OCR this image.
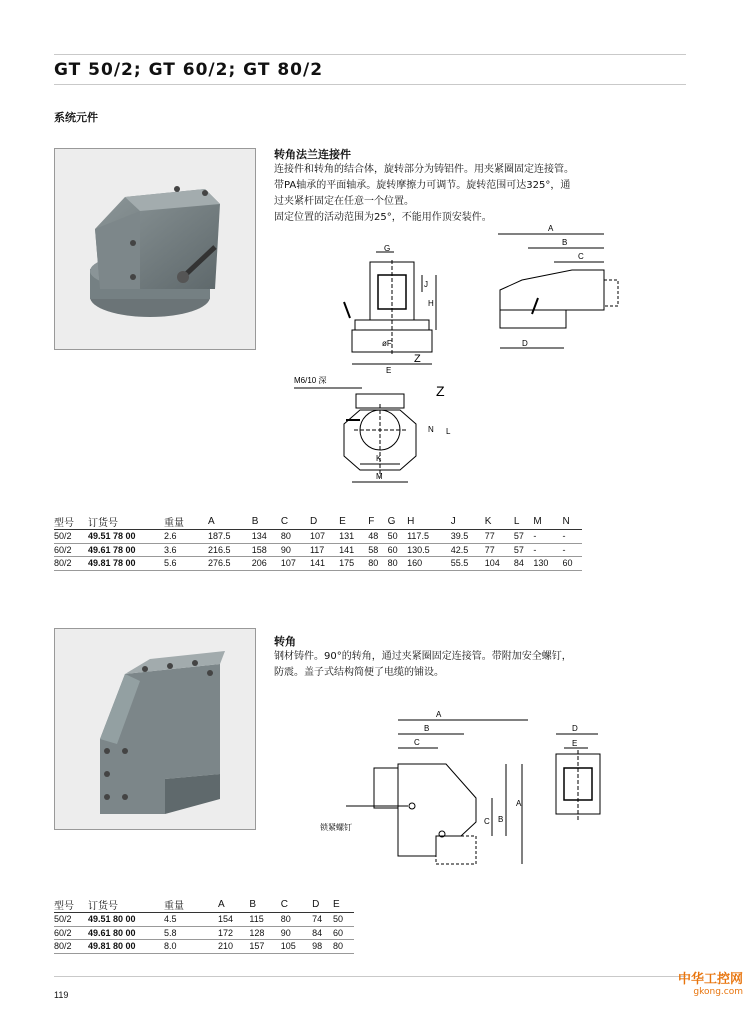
GT 50/2; GT 60/2; GT 80/2
系统元件
转角法兰连接件

连接件和转角的结合体，旋转部分为铸铝件。用夹紧圈固定连接管。

带PA轴承的平面轴承。旋转摩擦力可调节。旋转范围可达325°，通

过夹紧杆固定在任意一个位置。

固定位置的活动范围为25°，不能用作顶安装件。

G
J
H
øF
E
Z
A
B
C
D
M6/10 深
Z
N L
K
M
型号	订货号	重量	A	B	C	D	E	F	G	H	J	K	L	M	N
50/2	49.51 78 00	2.6	187.5	134	80	107	131	48	50	117.5	39.5	77	57	-	-
60/2	49.61 78 00	3.6	216.5	158	90	117	141	58	60	130.5	42.5	77	57	-	-
80/2	49.81 78 00	5.6	276.5	206	107	141	175	80	80	160	55.5	104	84	130	60
转角

钢材铸件。90°的转角，通过夹紧圈固定连接管。带附加安全螺钉，

防震。盖子式结构简便了电缆的铺设。

A
B
C
B
A
C
锁紧螺钉
D
E
型号	订货号	重量	A	B	C	D	E
50/2	49.51 80 00	4.5	154	115	80	74	50
60/2	49.61 80 00	5.8	172	128	90	84	60
80/2	49.81 80 00	8.0	210	157	105	98	80
119
中华工控网
gkong.com
